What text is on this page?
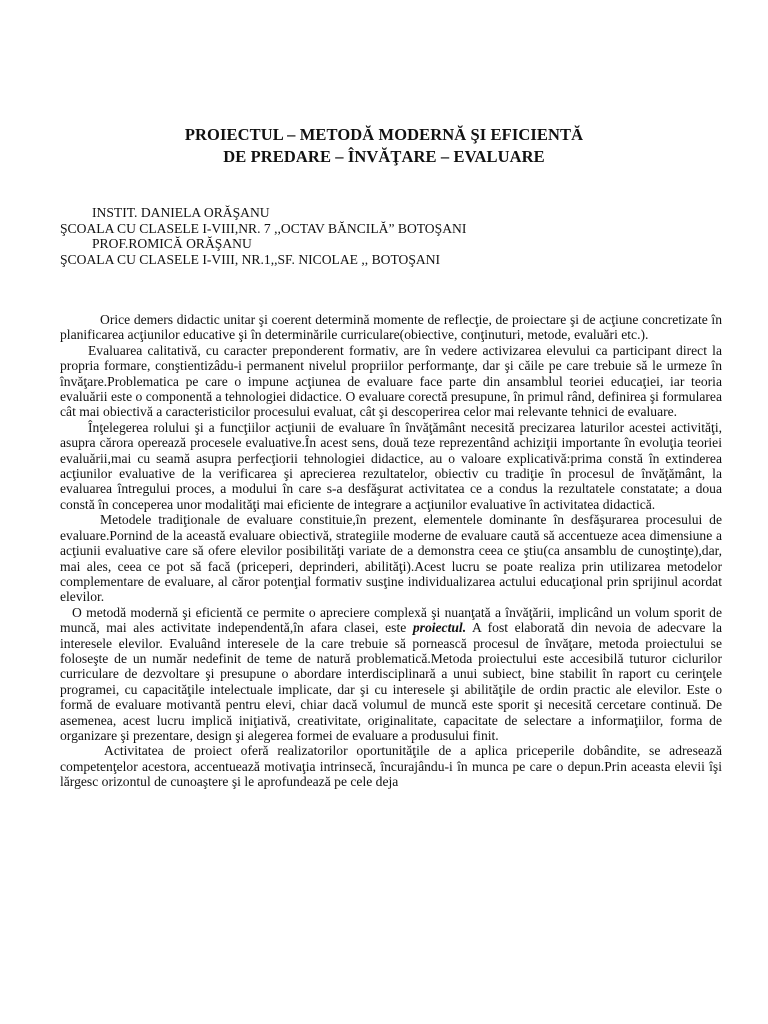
PROIECTUL – METODĂ MODERNĂ ŞI EFICIENTĂ
DE PREDARE – ÎNVĂŢARE – EVALUARE
INSTIT. DANIELA ORĂŞANU
ŞCOALA CU CLASELE I-VIII,NR. 7 ,,OCTAV BĂNCILĂ” BOTOŞANI
PROF.ROMICĂ ORĂŞANU
ŞCOALA CU CLASELE I-VIII, NR.1,,SF. NICOLAE ,, BOTOŞANI

Orice demers didactic unitar şi coerent determină momente de reflecţie, de proiectare şi de acţiune concretizate în planificarea acţiunilor educative şi în determinările curriculare(obiective, conţinuturi, metode, evaluări etc.).

Evaluarea calitativă, cu caracter preponderent formativ, are în vedere activizarea elevului ca participant direct la propria formare, conştientizâdu-i permanent nivelul propriilor performanţe, dar şi căile pe care trebuie să le urmeze în învăţare.Problematica pe care o impune acţiunea de evaluare face parte din ansamblul teoriei educaţiei, iar teoria evaluării este o componentă a tehnologiei didactice. O evaluare corectă presupune, în primul rând, definirea şi formularea cât mai obiectivă a caracteristicilor procesului evaluat, cât şi descoperirea celor mai relevante tehnici de evaluare.

Înţelegerea rolului şi a funcţiilor acţiunii de evaluare în învăţământ necesită precizarea laturilor acestei activităţi, asupra cărora operează procesele evaluative.În acest sens, două teze reprezentând achiziţii importante în evoluţia teoriei evaluării,mai cu seamă asupra perfecţiorii tehnologiei didactice, au o valoare explicativă:prima constă în extinderea acţiunilor evaluative de la verificarea şi aprecierea rezultatelor, obiectiv cu tradiţie în procesul de învăţământ, la evaluarea întregului proces, a modului în care s-a desfăşurat activitatea ce a condus la rezultatele constatate; a doua constă în conceperea unor modalităţi mai eficiente de integrare a acţiunilor evaluative în activitatea didactică.

Metodele tradiţionale de evaluare constituie,în prezent, elementele dominante în desfăşurarea procesului de evaluare.Pornind de la această evaluare obiectivă, strategiile moderne de evaluare caută să accentueze acea dimensiune a acţiunii evaluative care să ofere elevilor posibilităţi variate de a demonstra ceea ce ştiu(ca ansamblu de cunoştinţe),dar, mai ales, ceea ce pot să facă (priceperi, deprinderi, abilităţi).Acest lucru se poate realiza prin utilizarea metodelor complementare de evaluare, al căror potenţial formativ susţine individualizarea actului educaţional prin sprijinul acordat elevilor.

O metodă modernă şi eficientă ce permite o apreciere complexă şi nuanţată a învăţării, implicând un volum sporit de muncă, mai ales activitate independentă,în afara clasei, este proiectul. A fost elaborată din nevoia de adecvare la interesele elevilor. Evaluând interesele de la care trebuie să pornească procesul de învăţare, metoda proiectului se foloseşte de un număr nedefinit de teme de natură problematică.Metoda proiectului este accesibilă tuturor ciclurilor curriculare de dezvoltare şi presupune o abordare interdisciplinară a unui subiect, bine stabilit în raport cu cerinţele programei, cu capacităţile intelectuale implicate, dar şi cu interesele şi abilităţile de ordin practic ale elevilor. Este o formă de evaluare motivantă pentru elevi, chiar dacă volumul de muncă este sporit şi necesită cercetare continuă. De asemenea, acest lucru implică iniţiativă, creativitate, originalitate, capacitate de selectare a informaţiilor, forma de organizare şi prezentare, design şi alegerea formei de evaluare a produsului finit.

Activitatea de proiect oferă realizatorilor oportunităţile de a aplica priceperile dobândite, se adresează competenţelor acestora, accentuează motivaţia intrinsecă, încurajându-i în munca pe care o depun.Prin aceasta elevii îşi lărgesc orizontul de cunoaştere şi le aprofundează pe cele deja
